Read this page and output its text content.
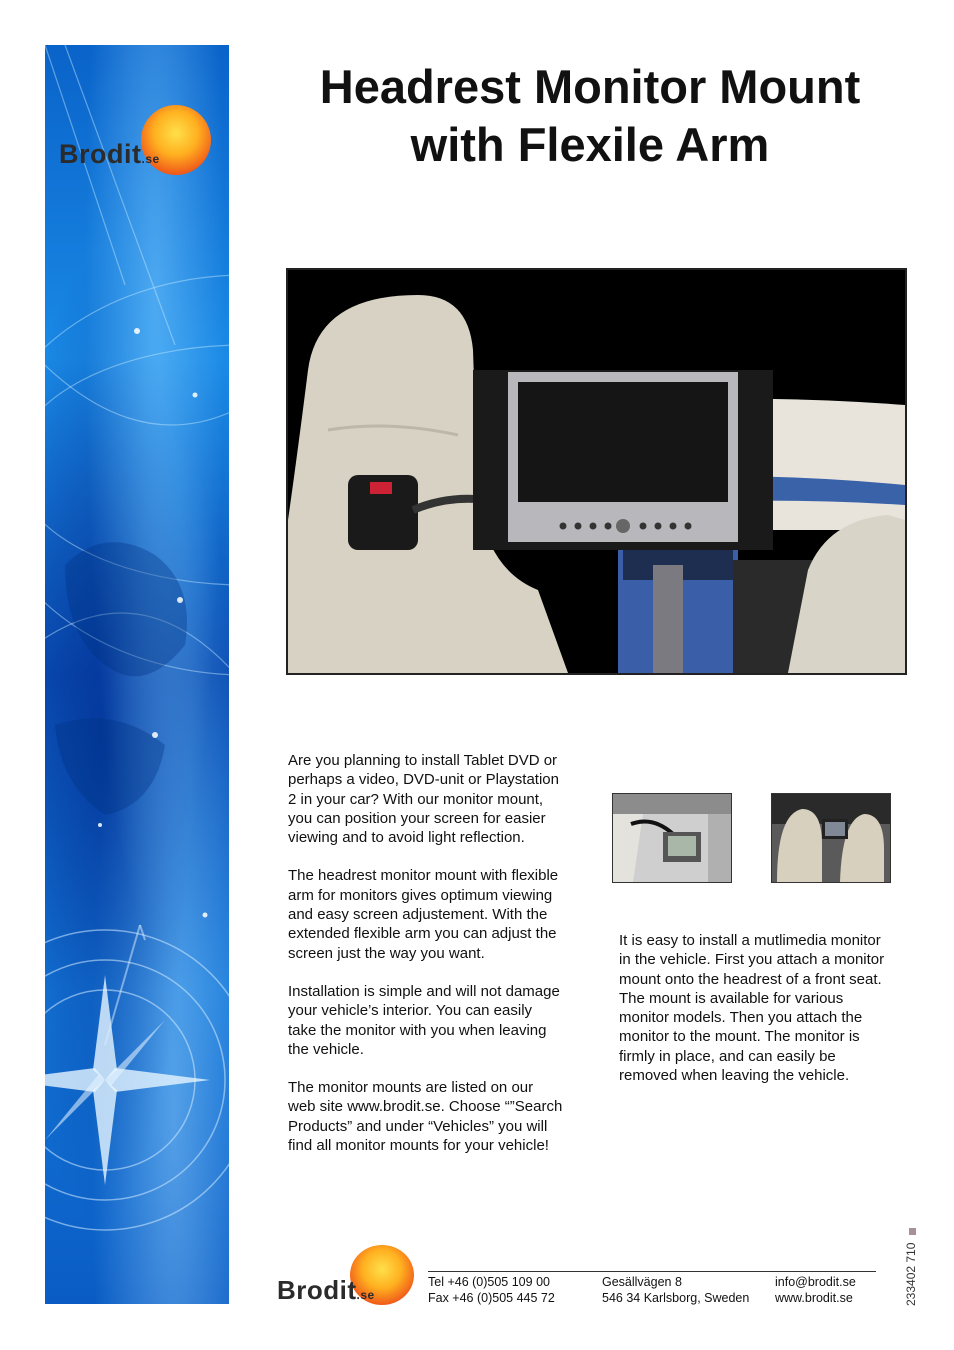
Brodit.se
Headrest Monitor Mount
with Flexile Arm

Are you planning to install Tablet DVD or perhaps a video, DVD-unit or Playstation 2 in your car? With our monitor mount, you can position your screen for easier viewing and to avoid light reflection.

The headrest monitor mount with flexible arm for monitors gives optimum viewing and easy screen adjustement. With the extended flexible arm you can adjust the screen just the way you want.

Installation is simple and will not damage your vehicle’s interior. You can easily take the monitor with you when leaving the vehicle.

The monitor mounts are listed on our web site www.brodit.se. Choose “”Search Products” and under “Vehicles” you will find all monitor mounts for your vehicle!

It is easy to install a mutlimedia monitor in the vehicle. First you attach a monitor mount onto the headrest of a front seat. The mount is available for various monitor models. Then you attach the monitor to the mount. The monitor is firmly in place, and can easily be removed when leaving the vehicle.

Brodit.se
Tel +46 (0)505 109 00
Fax +46 (0)505 445 72
Gesällvägen 8
546 34 Karlsborg, Sweden
info@brodit.se
www.brodit.se	233402 710
